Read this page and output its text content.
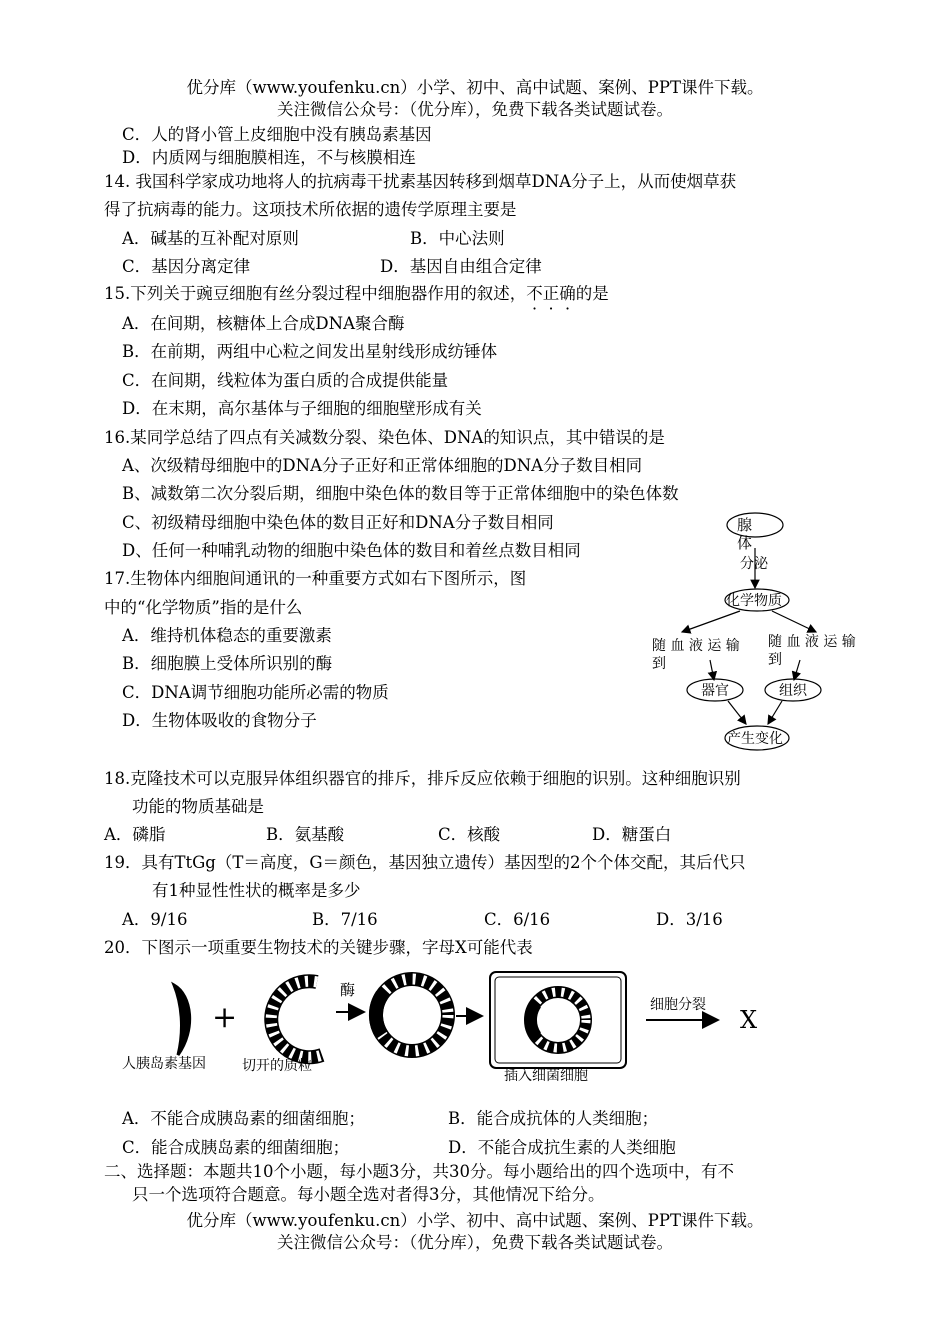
优分库（www.youfenku.cn）小学、初中、高中试题、案例、PPT课件下载。
关注微信公众号：（优分库），免费下载各类试题试卷。
C．人的肾小管上皮细胞中没有胰岛素基因
D．内质网与细胞膜相连，不与核膜相连
14. 我国科学家成功地将人的抗病毒干扰素基因转移到烟草DNA分子上，从而使烟草获
得了抗病毒的能力。这项技术所依据的遗传学原理主要是
A．碱基的互补配对原则	B．中心法则
C．基因分离定律	D．基因自由组合定律
15.下列关于豌豆细胞有丝分裂过程中细胞器作用的叙述，不正确的是
A．在间期，核糖体上合成DNA聚合酶
B．在前期，两组中心粒之间发出星射线形成纺锤体
C．在间期，线粒体为蛋白质的合成提供能量
D．在末期，高尔基体与子细胞的细胞壁形成有关
16.某同学总结了四点有关减数分裂、染色体、DNA的知识点，其中错误的是
A、次级精母细胞中的DNA分子正好和正常体细胞的DNA分子数目相同
B、减数第二次分裂后期，细胞中染色体的数目等于正常体细胞中的染色体数
C、初级精母细胞中染色体的数目正好和DNA分子数目相同
D、任何一种哺乳动物的细胞中染色体的数目和着丝点数目相同
17.生物体内细胞间通讯的一种重要方式如右下图所示，图
中的“化学物质”指的是什么
A．维持机体稳态的重要激素
B．细胞膜上受体所识别的酶
C．DNA调节细胞功能所必需的物质
D．生物体吸收的食物分子
腺
体
分泌
化学物质
随 血 液 运 输
到
随 血 液 运 输
到
器官	组织
产生变化
18.克隆技术可以克服异体组织器官的排斥，排斥反应依赖于细胞的识别。这种细胞识别
功能的物质基础是
A．磷脂	B．氨基酸	C．核酸	D．糖蛋白
19．具有TtGg（T＝高度，G＝颜色，基因独立遗传）基因型的2个个体交配，其后代只
有1种显性性状的概率是多少
A．9/16	B．7/16	C．6/16	D．3/16
20．下图示一项重要生物技术的关键步骤，字母X可能代表
人胰岛素基因
+
切开的质粒
酶
插入细菌细胞
细胞分裂
X
A．不能合成胰岛素的细菌细胞；	B．能合成抗体的人类细胞；
C．能合成胰岛素的细菌细胞；	D．不能合成抗生素的人类细胞
二、选择题：本题共10个小题，每小题3分，共30分。每小题给出的四个选项中，有不
只一个选项符合题意。每小题全选对者得3分，其他情况下给分。
优分库（www.youfenku.cn）小学、初中、高中试题、案例、PPT课件下载。
关注微信公众号：（优分库），免费下载各类试题试卷。
